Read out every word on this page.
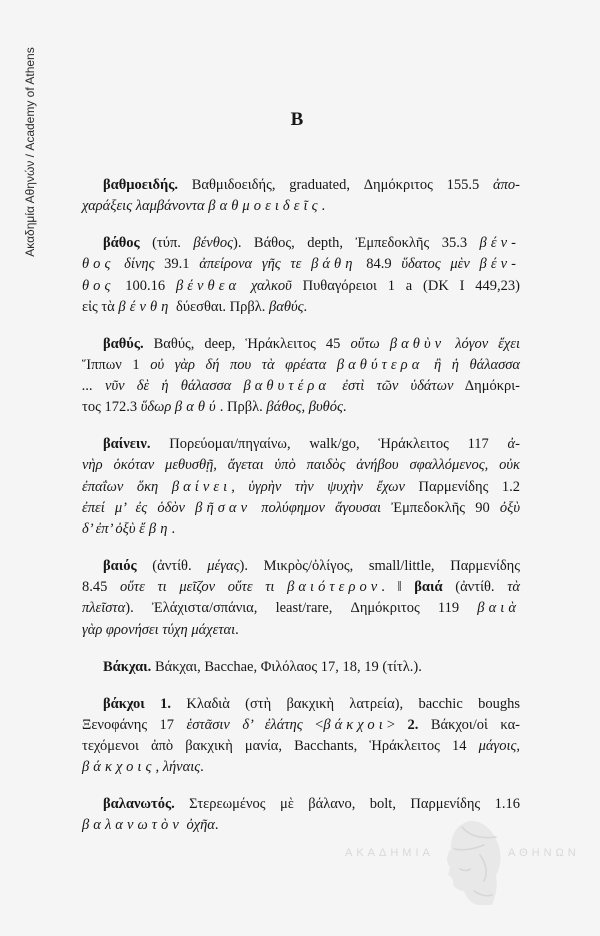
ΑΚΑΔΗΜΙΑ	ΑΘΗΝΩΝ
Ακαδημία Αθηνών / Academy of Athens	Β
βαθμοειδής. Βαθμιδοειδής, graduated, Δημόκριτος 155.5 ἀπο-
χαράξεις λαμβάνοντα βαθμοειδεῖς.
βάθος (τύπ. βένθος). Βάθος, depth, Ἐμπεδοκλῆς 35.3 βέν-
θος δίνης 39.1 ἀπείρονα γῆς τε βάθη 84.9 ὕδατος μὲν βέν-
θος 100.16 βένθεα χαλκοῦ Πυθαγόρειοι 1 a (DK I 449,23)
εἰς τὰ βένθη δύεσθαι. Πρβλ. βαθύς.
βαθύς. Βαθύς, deep, Ἡράκλειτος 45 οὕτω βαθὺν λόγον ἔχει
Ἵππων 1 οὐ γὰρ δή που τὰ φρέατα βαθύτερα ἢ ἡ θάλασσα
... νῦν δὲ ἡ θάλασσα βαθυτέρα ἐστὶ τῶν ὑδάτων Δημόκρι-
τος 172.3 ὕδωρ βαθύ. Πρβλ. βάθος, βυθός.
βαίνειν. Πορεύομαι/πηγαίνω, walk/go, Ἡράκλειτος 117 ἀ-
νὴρ ὁκόταν μεθυσθῇ, ἄγεται ὑπὸ παιδὸς ἀνήβου σφαλλόμενος, οὐκ
ἐπαΐων ὅκη βαίνει, ὑγρὴν τὴν ψυχὴν ἔχων Παρμενίδης 1.2
ἐπεί μ’ ἐς ὁδὸν βῆσαν πολύφημον ἄγουσαι Ἐμπεδοκλῆς 90 ὀξὺ
δ’ ἐπ’ ὀξὺ ἔβη.
βαιός (ἀντίθ. μέγας). Μικρὸς/ὀλίγος, small/little, Παρμενίδης
8.45 οὔτε τι μεῖζον οὔτε τι βαιότερον. ‖ βαιά (ἀντίθ. τὰ
πλεῖστα). Ἐλάχιστα/σπάνια, least/rare, Δημόκριτος 119 βαιὰ
γὰρ φρονήσει τύχη μάχεται.
Βάκχαι. Βάκχαι, Bacchae, Φιλόλαος 17, 18, 19 (τίτλ.).
βάκχοι 1. Κλαδιὰ (στὴ βακχικὴ λατρεία), bacchic boughs
Ξενοφάνης 17 ἑστᾶσιν δ’ ἐλάτης <βάκχοι> 2. Βάκχοι/οἱ κα-
τεχόμενοι ἀπὸ βακχικὴ μανία, Bacchants, Ἡράκλειτος 14 μάγοις,
βάκχοις, λήναις.
βαλανωτός. Στερεωμένος μὲ βάλανο, bolt, Παρμενίδης 1.16
βαλανωτὸν ὀχῆα.
